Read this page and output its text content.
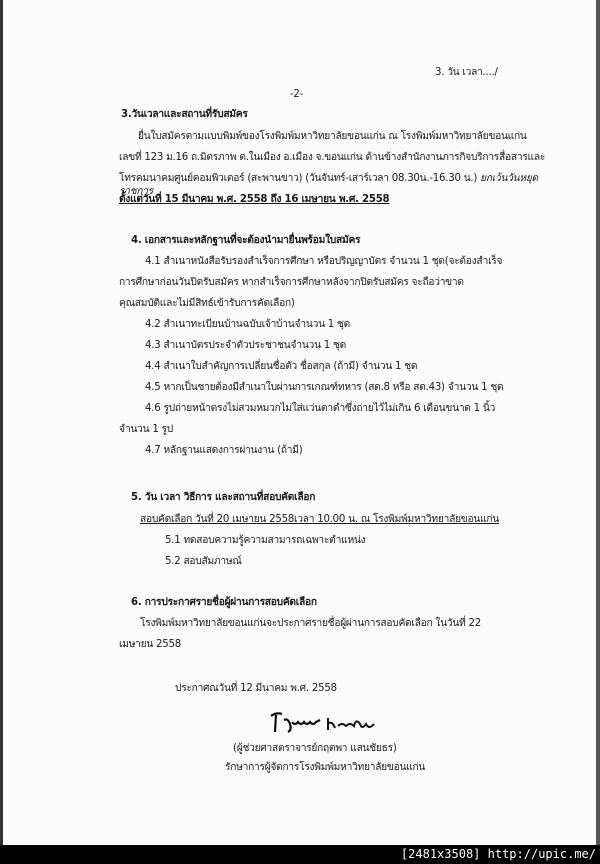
3. วัน เวลา..../
-2-
3.วันเวลาและสถานที่รับสมัคร
ยื่นใบสมัครตามแบบพิมพ์ของโรงพิมพ์มหาวิทยาลัยขอนแก่น ณ โรงพิมพ์มหาวิทยาลัยขอนแก่น
เลขที่ 123 ม.16 ถ.มิตรภาพ ต.ในเมือง อ.เมือง จ.ขอนแก่น ด้านข้างสำนักงานภารกิจบริการสื่อสารและ
โทรคมนาคมศูนย์คอมพิวเตอร์ (สะพานขาว) (วันจันทร์-เสาร์เวลา 08.30น.-16.30 น.) ยกเว้นวันหยุดราชการ
ตั้งแต่วันที่ 15 มีนาคม พ.ศ. 2558 ถึง 16 เมษายน พ.ศ. 2558
4. เอกสารและหลักฐานที่จะต้องนำมายื่นพร้อมใบสมัคร
4.1 สำเนาหนังสือรับรองสำเร็จการศึกษา หรือปริญญาบัตร จำนวน 1 ชุด(จะต้องสำเร็จ
การศึกษาก่อนวันปิดรับสมัคร หากสำเร็จการศึกษาหลังจากปิดรับสมัคร จะถือว่าขาด
คุณสมบัติและไม่มีสิทธ์เข้ารับการคัดเลือก)
4.2 สำเนาทะเบียนบ้านฉบับเจ้าบ้านจำนวน 1 ชุด
4.3 สำเนาบัตรประจำตัวประชาชนจำนวน 1 ชุด
4.4 สำเนาใบสำคัญการเปลี่ยนชื่อตัว ชื่อสกุล (ถ้ามี) จำนวน 1 ชุด
4.5 หากเป็นชายต้องมีสำเนาใบผ่านการเกณฑ์ทหาร (สด.8 หรือ สด.43) จำนวน 1 ชุด
4.6 รูปถ่ายหน้าตรงไม่สวมหมวกไม่ใส่แว่นตาดำซึ่งถ่ายไว้ไม่เกิน 6 เดือนขนาด 1 นิ้ว
จำนวน 1 รูป
4.7 หลักฐานแสดงการผ่านงาน (ถ้ามี)
5. วัน เวลา วิธีการ และสถานที่สอบคัดเลือก
สอบคัดเลือก วันที่ 20 เมษายน 2558เวลา 10.00 น. ณ โรงพิมพ์มหาวิทยาลัยขอนแก่น
5.1 ทดสอบความรู้ความสามารถเฉพาะตำแหน่ง
5.2 สอบสัมภาษณ์
6. การประกาศรายชื่อผู้ผ่านการสอบคัดเลือก
โรงพิมพ์มหาวิทยาลัยขอนแก่นจะประกาศรายชื่อผู้ผ่านการสอบคัดเลือก ในวันที่ 22
เมษายน 2558
ประกาศณวันที่ 12 มีนาคม พ.ศ. 2558
(ผู้ช่วยศาสตราจารย์กฤตพา แสนชัยธร)
รักษาการผู้จัดการโรงพิมพ์มหาวิทยาลัยขอนแก่น
[2481x3508] http://upic.me/
